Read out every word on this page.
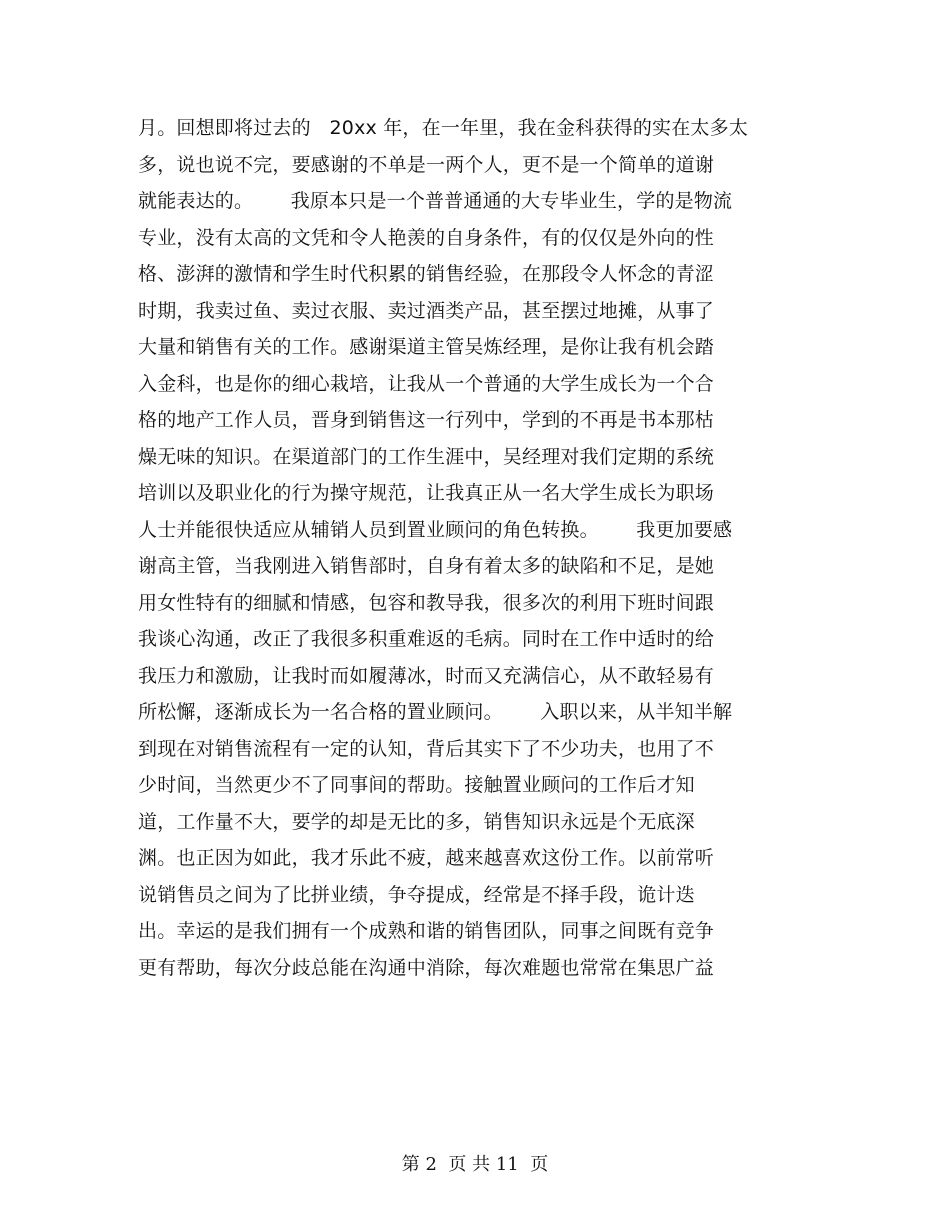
月。回想即将过去的   20xx 年，在一年里，我在金科获得的实在太多太
多，说也说不完，要感谢的不单是一两个人，更不是一个简单的道谢
就能表达的。      我原本只是一个普普通通的大专毕业生，学的是物流
专业，没有太高的文凭和令人艳羡的自身条件，有的仅仅是外向的性
格、澎湃的激情和学生时代积累的销售经验，在那段令人怀念的青涩
时期，我卖过鱼、卖过衣服、卖过酒类产品，甚至摆过地摊，从事了
大量和销售有关的工作。感谢渠道主管吴炼经理，是你让我有机会踏
入金科，也是你的细心栽培，让我从一个普通的大学生成长为一个合
格的地产工作人员，晋身到销售这一行列中，学到的不再是书本那枯
燥无味的知识。在渠道部门的工作生涯中，吴经理对我们定期的系统
培训以及职业化的行为操守规范，让我真正从一名大学生成长为职场
人士并能很快适应从辅销人员到置业顾问的角色转换。      我更加要感
谢高主管，当我刚进入销售部时，自身有着太多的缺陷和不足，是她
用女性特有的细腻和情感，包容和教导我，很多次的利用下班时间跟
我谈心沟通，改正了我很多积重难返的毛病。同时在工作中适时的给
我压力和激励，让我时而如履薄冰，时而又充满信心，从不敢轻易有
所松懈，逐渐成长为一名合格的置业顾问。      入职以来，从半知半解
到现在对销售流程有一定的认知，背后其实下了不少功夫，也用了不
少时间，当然更少不了同事间的帮助。接触置业顾问的工作后才知
道，工作量不大，要学的却是无比的多，销售知识永远是个无底深
渊。也正因为如此，我才乐此不疲，越来越喜欢这份工作。以前常听
说销售员之间为了比拼业绩，争夺提成，经常是不择手段，诡计迭
出。幸运的是我们拥有一个成熟和谐的销售团队，同事之间既有竞争
更有帮助，每次分歧总能在沟通中消除，每次难题也常常在集思广益
第 2  页 共 11  页
